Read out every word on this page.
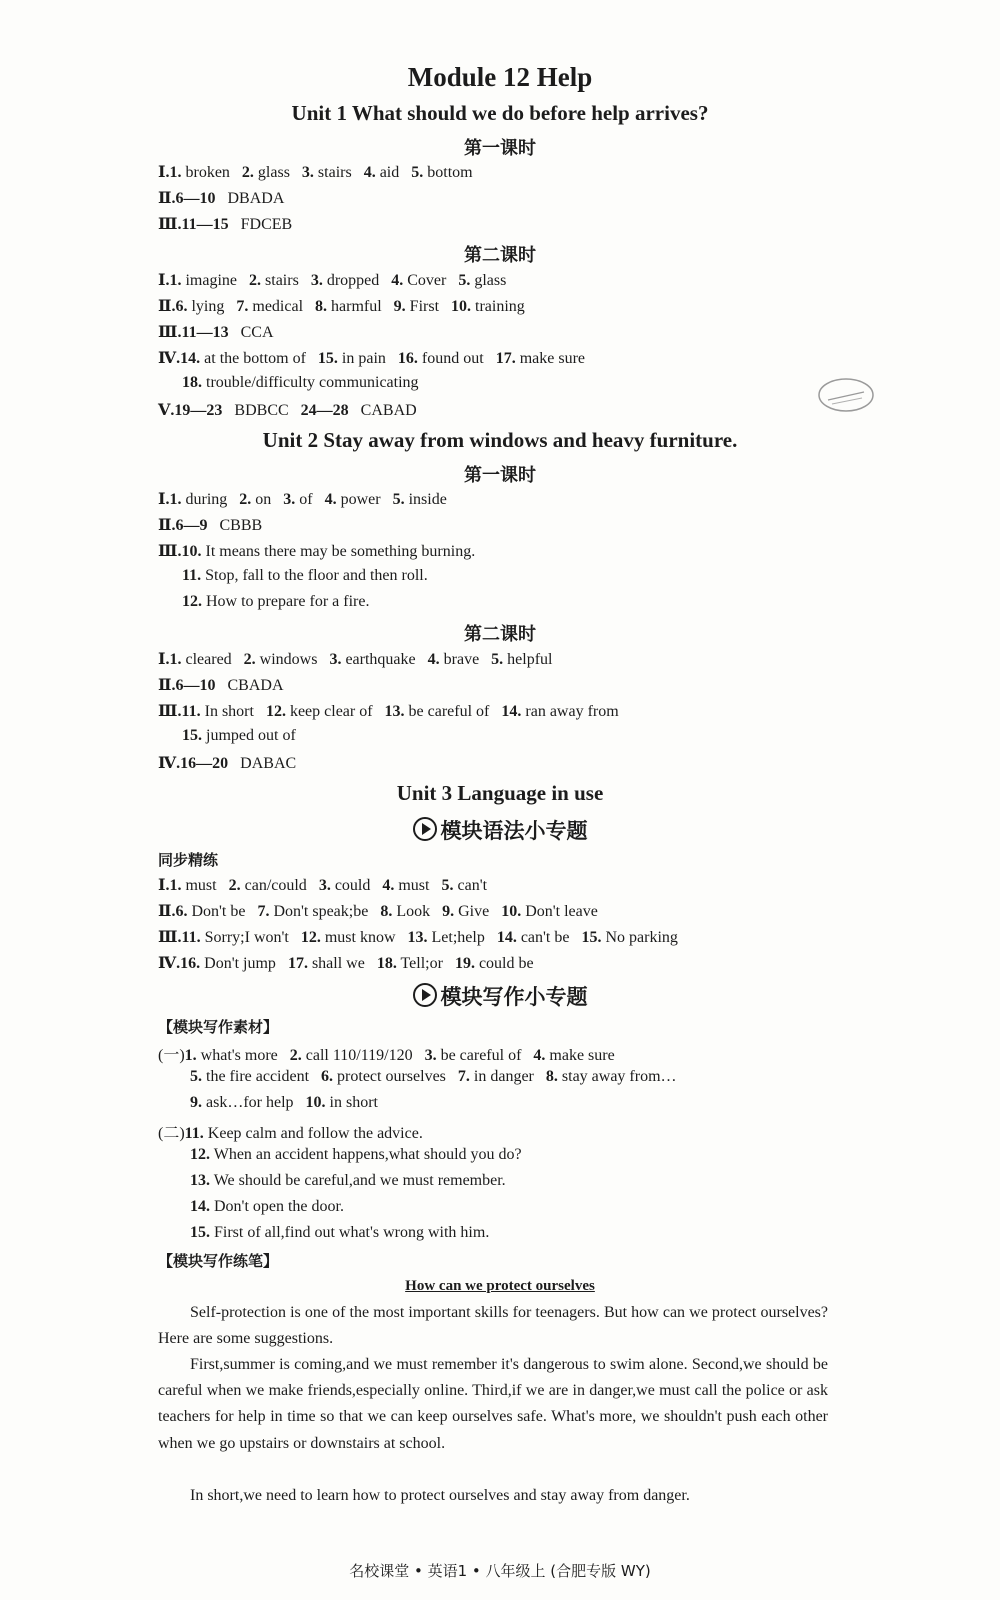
Module 12 Help
Unit 1 What should we do before help arrives?
第一课时
Ⅰ.1. broken   2. glass   3. stairs   4. aid   5. bottom
Ⅱ.6—10   DBADA
Ⅲ.11—15   FDCEB
第二课时
Ⅰ.1. imagine   2. stairs   3. dropped   4. Cover   5. glass
Ⅱ.6. lying   7. medical   8. harmful   9. First   10. training
Ⅲ.11—13   CCA
Ⅳ.14. at the bottom of   15. in pain   16. found out   17. make sure
18. trouble/difficulty communicating
Ⅴ.19—23   BDBCC   24—28   CABAD
Unit 2 Stay away from windows and heavy furniture.
第一课时
Ⅰ.1. during   2. on   3. of   4. power   5. inside
Ⅱ.6—9   CBBB
Ⅲ.10. It means there may be something burning.
11. Stop, fall to the floor and then roll.
12. How to prepare for a fire.
第二课时
Ⅰ.1. cleared   2. windows   3. earthquake   4. brave   5. helpful
Ⅱ.6—10   CBADA
Ⅲ.11. In short   12. keep clear of   13. be careful of   14. ran away from
15. jumped out of
Ⅳ.16—20   DABAC
Unit 3 Language in use
模块语法小专题
同步精练
Ⅰ.1. must   2. can/could   3. could   4. must   5. can't
Ⅱ.6. Don't be   7. Don't speak;be   8. Look   9. Give   10. Don't leave
Ⅲ.11. Sorry;I won't   12. must know   13. Let;help   14. can't be   15. No parking
Ⅳ.16. Don't jump   17. shall we   18. Tell;or   19. could be
模块写作小专题
【模块写作素材】
(一)1. what's more   2. call 110/119/120   3. be careful of   4. make sure
5. the fire accident   6. protect ourselves   7. in danger   8. stay away from…
9. ask…for help   10. in short
(二)11. Keep calm and follow the advice.
12. When an accident happens,what should you do?
13. We should be careful,and we must remember.
14. Don't open the door.
15. First of all,find out what's wrong with him.
【模块写作练笔】
How can we protect ourselves
Self-protection is one of the most important skills for teenagers. But how can we protect ourselves? Here are some suggestions.
First,summer is coming,and we must remember it's dangerous to swim alone. Second,we should be careful when we make friends,especially online. Third,if we are in danger,we must call the police or ask teachers for help in time so that we can keep ourselves safe. What's more, we shouldn't push each other when we go upstairs or downstairs at school.
In short,we need to learn how to protect ourselves and stay away from danger.
名校课堂 • 英语1 • 八年级上 (合肥专版 WY)
